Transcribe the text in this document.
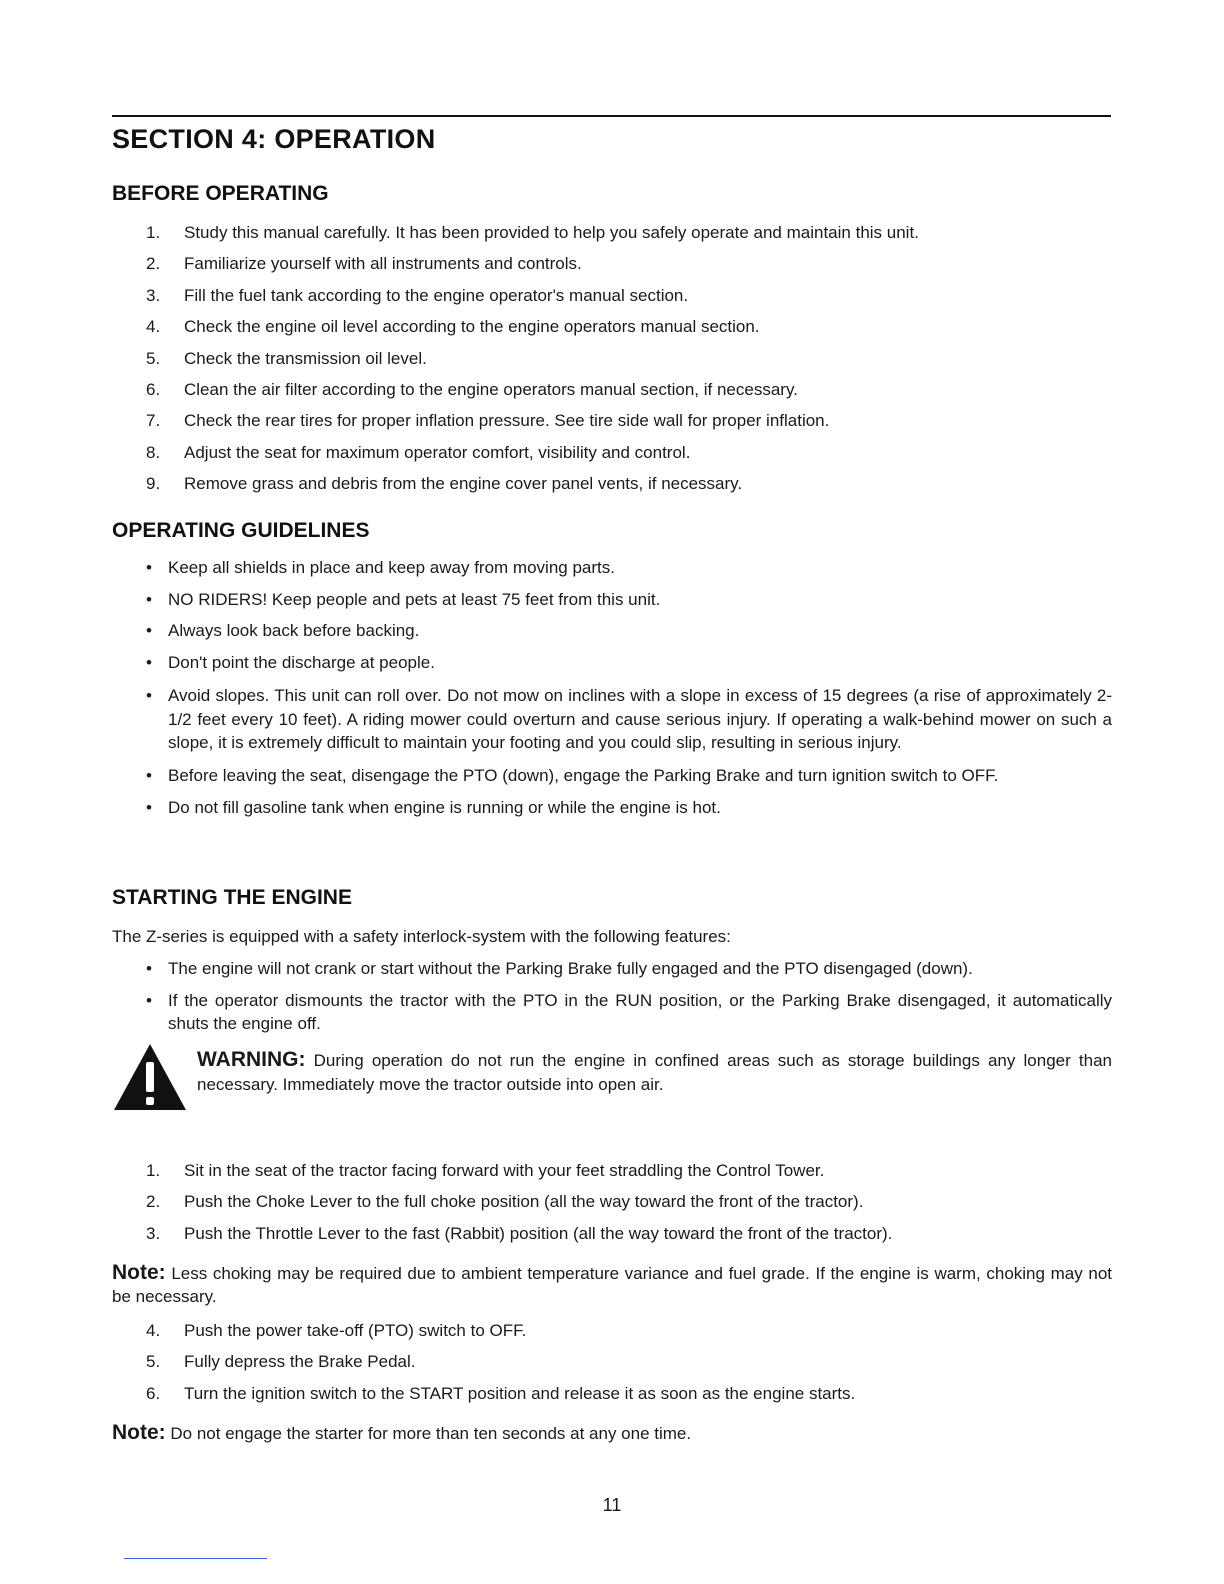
SECTION 4: OPERATION
BEFORE OPERATING
1.	Study this manual carefully. It has been provided to help you safely operate and maintain this unit.
2.	Familiarize yourself with all instruments and controls.
3.	Fill the fuel tank according to the engine operator's manual section.
4.	Check the engine oil level according to the engine operators manual section.
5.	Check the transmission oil level.
6.	Clean the air filter according to the engine operators manual section, if necessary.
7.	Check the rear tires for proper inflation pressure. See tire side wall for proper inflation.
8.	Adjust the seat for maximum operator comfort, visibility and control.
9.	Remove grass and debris from the engine cover panel vents, if necessary.
OPERATING GUIDELINES
• Keep all shields in place and keep away from moving parts.
• NO RIDERS! Keep people and pets at least 75 feet from this unit.
• Always look back before backing.
• Don't point the discharge at people.
• Avoid slopes. This unit can roll over. Do not mow on inclines with a slope in excess of 15 degrees (a rise of approximately 2-1/2 feet every 10 feet). A riding mower could overturn and cause serious injury. If operating a walk-behind mower on such a slope, it is extremely difficult to maintain your footing and you could slip, resulting in serious injury.
• Before leaving the seat, disengage the PTO (down), engage the Parking Brake and turn ignition switch to OFF.
• Do not fill gasoline tank when engine is running or while the engine is hot.
STARTING THE ENGINE

The Z-series is equipped with a safety interlock-system with the following features:

• The engine will not crank or start without the Parking Brake fully engaged and the PTO disengaged (down).
• If the operator dismounts the tractor with the PTO in the RUN position, or the Parking Brake disengaged, it automatically shuts the engine off.

WARNING: During operation do not run the engine in confined areas such as storage buildings any longer than necessary. Immediately move the tractor outside into open air.

1.	Sit in the seat of the tractor facing forward with your feet straddling the Control Tower.
2.	Push the Choke Lever to the full choke position (all the way toward the front of the tractor).
3.	Push the Throttle Lever to the fast (Rabbit) position (all the way toward the front of the tractor).

Note: Less choking may be required due to ambient temperature variance and fuel grade. If the engine is warm, choking may not be necessary.

4.	Push the power take-off (PTO) switch to OFF.
5.	Fully depress the Brake Pedal.
6.	Turn the ignition switch to the START position and release it as soon as the engine starts.

Note: Do not engage the starter for more than ten seconds at any one time.

11
